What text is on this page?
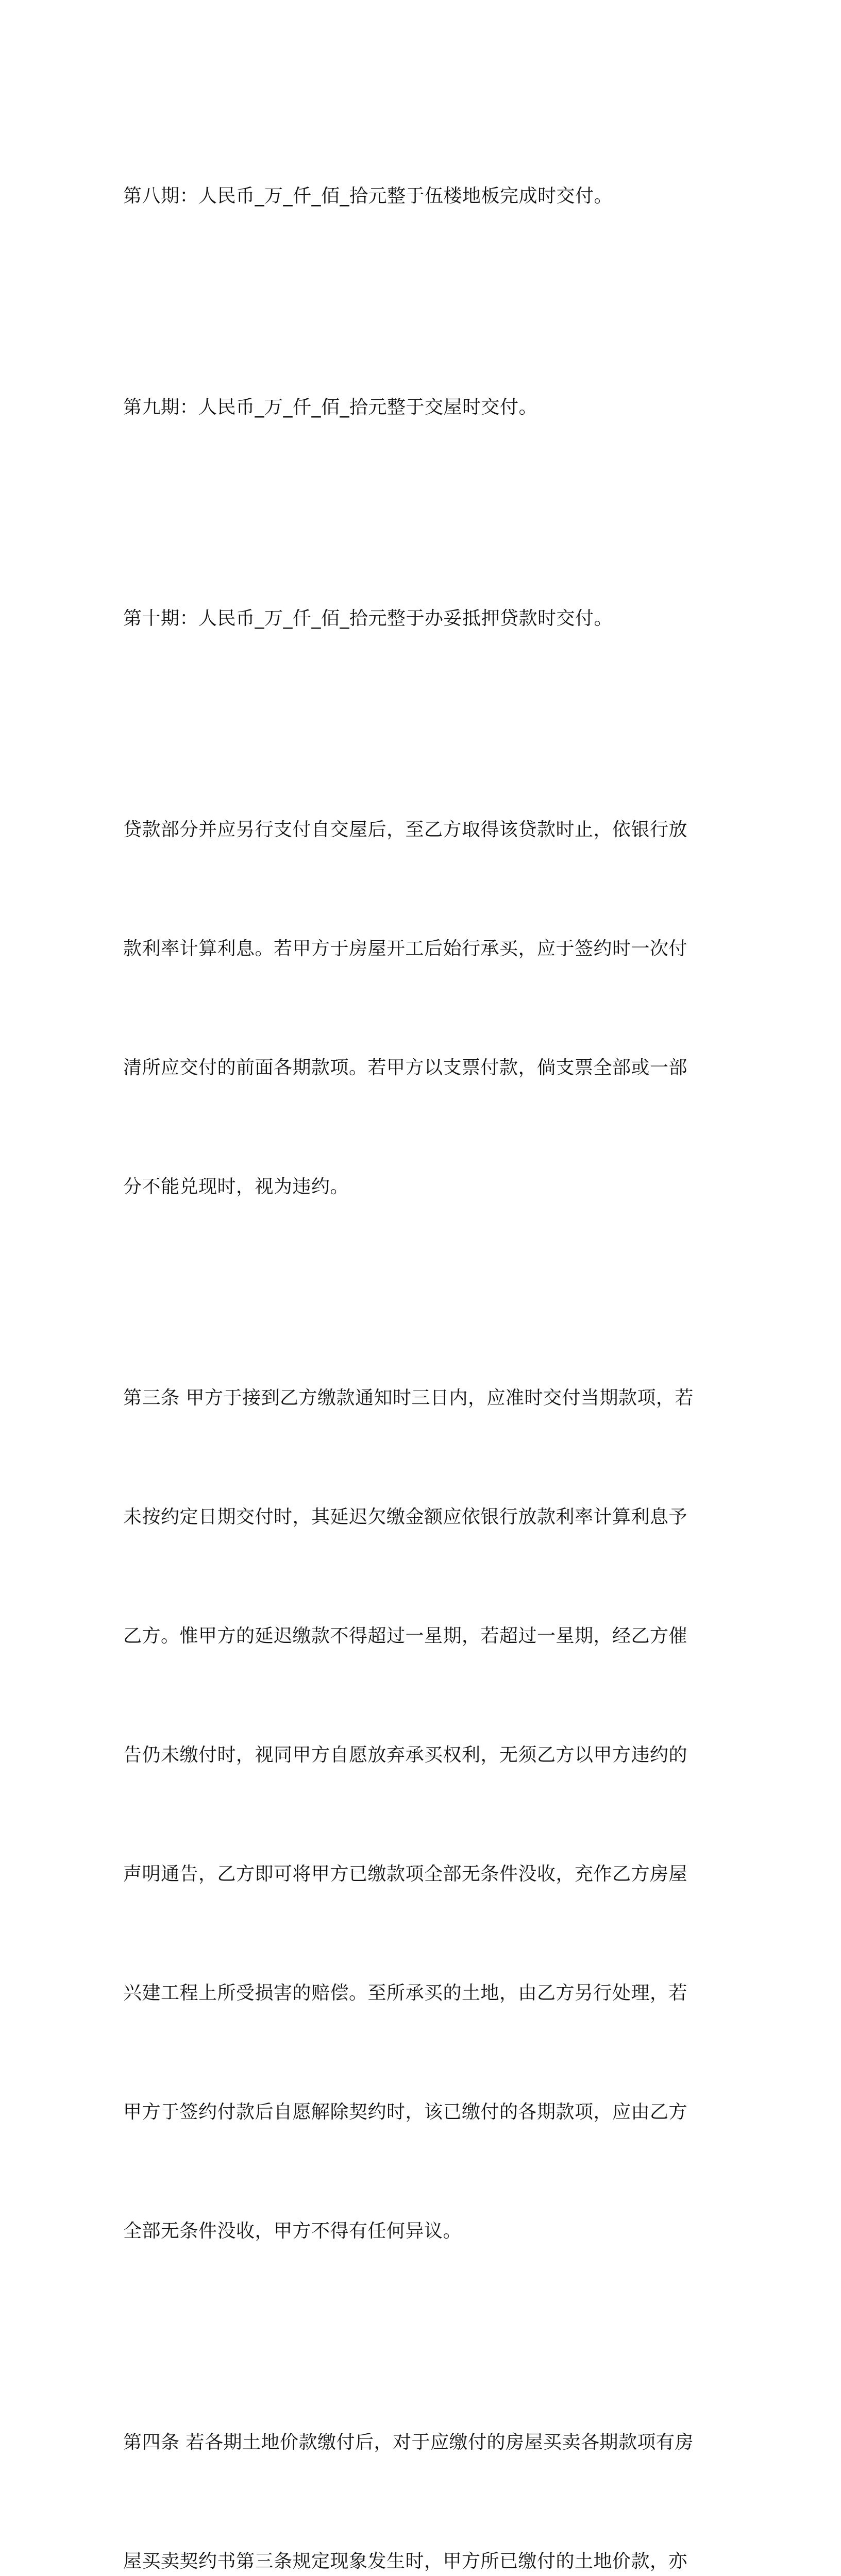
第八期：人民币_万_仟_佰_拾元整于伍楼地板完成时交付。

第九期：人民币_万_仟_佰_拾元整于交屋时交付。

第十期：人民币_万_仟_佰_拾元整于办妥抵押贷款时交付。

贷款部分并应另行支付自交屋后，至乙方取得该贷款时止，依银行放

款利率计算利息。若甲方于房屋开工后始行承买，应于签约时一次付

清所应交付的前面各期款项。若甲方以支票付款，倘支票全部或一部

分不能兑现时，视为违约。

第三条 甲方于接到乙方缴款通知时三日内，应准时交付当期款项，若

未按约定日期交付时，其延迟欠缴金额应依银行放款利率计算利息予

乙方。惟甲方的延迟缴款不得超过一星期，若超过一星期，经乙方催

告仍未缴付时，视同甲方自愿放弃承买权利，无须乙方以甲方违约的

声明通告，乙方即可将甲方已缴款项全部无条件没收，充作乙方房屋

兴建工程上所受损害的赔偿。至所承买的土地，由乙方另行处理，若

甲方于签约付款后自愿解除契约时，该已缴付的各期款项，应由乙方

全部无条件没收，甲方不得有任何异议。

第四条 若各期土地价款缴付后，对于应缴付的房屋买卖各期款项有房

屋买卖契约书第三条规定现象发生时，甲方所已缴付的土地价款，亦
